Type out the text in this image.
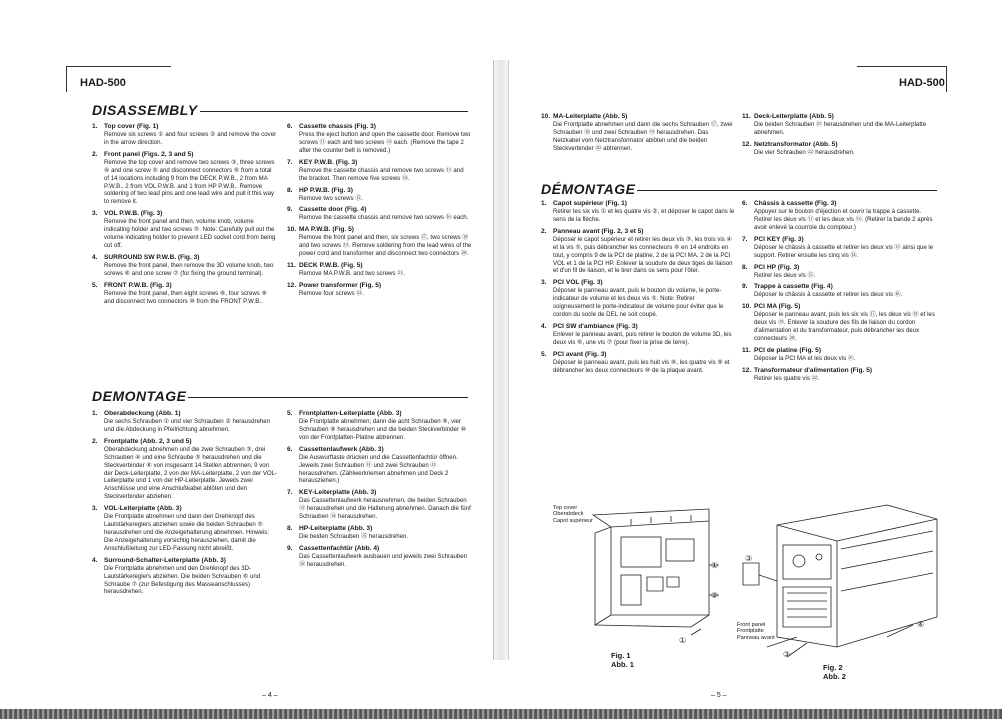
HAD-500
DISASSEMBLY
1. Top cover (Fig. 1)
Remove six screws ① and four screws ② and remove the cover in the arrow direction.
2. Front panel (Figs. 2, 3 and 5)
Remove the top cover and remove two screws ③, three screws ④ and one screw ⑤ and disconnect connectors ⑥ from a total of 14 locations including 9 from the DECK P.W.B., 2 from MA P.W.B., 2 from VOL P.W.B. and 1 from HP P.W.B.. Remove soldering of two lead pins and one lead wire and pull it this way to remove it.
3. VOL P.W.B. (Fig. 3)
Remove the front panel and then, volume knob, volume indicating holder and two screws ⑤. Note: Carefully pull out the volume indicating holder to prevent LED socket cord from being cut off.
4. SURROUND SW P.W.B. (Fig. 3)
Remove the front panel, then remove the 3D volume knob, two screws ⑥ and one screw ⑦ (for fixing the ground terminal).
5. FRONT P.W.B. (Fig. 3)
Remove the front panel, then eight screws ⑧, four screws ⑨ and disconnect two connectors ⑩ from the FRONT P.W.B..
6. Cassette chassis (Fig. 3)
Press the eject button and open the cassette door. Remove two screws ⑪ each and two screws ⑫ each. (Remove the tape 2 after the counter belt is removed.)
7. KEY P.W.B. (Fig. 3)
Remove the cassette chassis and remove two screws ⑬ and the bracket. Then remove five screws ⑭.
8. HP P.W.B. (Fig. 3)
Remove two screws ⑮.
9. Cassette door (Fig. 4)
Remove the cassette chassis and remove two screws ⑯ each.
10. MA P.W.B. (Fig. 5)
Remove the front panel and then, six screws ⑰, two screws ⑱ and two screws ⑲. Remove soldering from the lead wires of the power cord and transformer and disconnect two connectors ⑳.
11. DECK P.W.B. (Fig. 5)
Remove MA P.W.B. and two screws ㉑.
12. Power transformer (Fig. 5)
Remove four screws ㉒.
DEMONTAGE
1. Oberabdeckung (Abb. 1)
Die sechs Schrauben ① und vier Schrauben ② herausdrehen und die Abdeckung in Pfeilrichtung abnehmen.
2. Frontplatte (Abb. 2, 3 und 5)
Oberabdeckung abnehmen und die zwei Schrauben ③, drei Schrauben ④ und eine Schraube ⑤ herausdrehen und die Steckverbinder ⑥ von insgesamt 14 Stellen abtrennen; 9 von der Deck-Leiterplatte, 2 von der MA-Leiterplatte, 2 von der VOL-Leiterplatte und 1 von der HP-Leiterplatte. Jeweils zwei Anschlüsse und eine Anschlußkabel ablöten und den Steckverbinder abziehen.
3. VOL-Leiterplatte (Abb. 3)
Die Frontplatte abnehmen und dann den Drehknopf des Lautstärkereglers abziehen sowie die beiden Schrauben ⑤ herausdrehen und die Anzeigehalterung abnehmen. Hinweis: Die Anzeigehalterung vorsichtig herausziehen, damit die Anschlußleitung zur LED-Fassung nicht abreißt.
4. Surround-Schalter-Leiterplatte (Abb. 3)
Die Frontplatte abnehmen und den Drehknopf des 3D-Lautstärkereglers abziehen. Die beiden Schrauben ⑥ und Schraube ⑦ (zur Befestigung des Masseanschlusses) herausdrehen.
5. Frontplatten-Leiterplatte (Abb. 3)
Die Frontplatte abnehmen; dann die acht Schrauben ⑧, vier Schrauben ⑨ herausdrehen und die beiden Steckverbinder ⑩ von der Frontplatten-Platine abtrennen.
6. Cassettenlaufwerk (Abb. 3)
Die Auswurftaste drücken und die Cassettenfachtür öffnen. Jeweils zwei Schrauben ⑪ und zwei Schrauben ⑫ herausdrehen. (Zählwerkriemen abnehmen und Deck 2 herausziehen.)
7. KEY-Leiterplatte (Abb. 3)
Das Cassettenlaufwerk herausnehmen, die beiden Schrauben ⑬ herausdrehen und die Halterung abnehmen. Danach die fünf Schrauben ⑭ herausdrehen.
8. HP-Leiterplatte (Abb. 3)
Die beiden Schrauben ⑮ herausdrehen.
9. Cassettenfachtür (Abb. 4)
Das Cassettenlaufwerk ausbauen und jeweils zwei Schrauben ⑯ herausdrehen.
– 4 –
HAD-500
10. MA-Leiterplatte (Abb. 5)
Die Frontplatte abnehmen und dann die sechs Schrauben ⑰, zwei Schrauben ⑱ und zwei Schrauben ⑲ herausdrehen. Das Netzkabel vom Netztransformator ablöten und die beiden Steckverbinder ⑳ abtrennen.
11. Deck-Leiterplatte (Abb. 5)
Die beiden Schrauben ㉑ herausdrehen und die MA-Leiterplatte abnehmen.
12. Netztransformator (Abb. 5)
Die vier Schrauben ㉒ herausdrehen.
DÉMONTAGE
1. Capot supérieur (Fig. 1)
Retirer les six vis ① et les quatre vis ②, et déposer le capot dans le sens de la flèche.
2. Panneau avant (Fig. 2, 3 et 5)
Déposer le capot supérieur et retirer les deux vis ③, les trois vis ④ et la vis ⑤, puis débrancher les connecteurs ⑥ en 14 endroits en tout, y compris 9 de la PCI de platine, 2 de la PCI MA, 2 de la PCI VOL et 1 de la PCI HP. Enlever la soudure de deux tiges de liaison et d'un fil de liaison, et le tirer dans ce sens pour l'ôter.
3. PCI VOL (Fig. 3)
Déposer le panneau avant, puis le bouton du volume, le porte-indicateur de volume et les deux vis ⑤. Note: Retirer soigneusement le porte-indicateur de volume pour éviter que le cordon du socle de DEL ne soit coupé.
4. PCI SW d'ambiance (Fig. 3)
Enlever le panneau avant, puis retirer le bouton de volume 3D, les deux vis ⑥, une vis ⑦ (pour fixer la prise de terre).
5. PCI avant (Fig. 3)
Déposer le panneau avant, puis les huit vis ⑧, les quatre vis ⑨ et débrancher les deux connecteurs ⑩ de la plaque avant.
6. Châssis à cassette (Fig. 3)
Appuyer sur le bouton d'éjection et ouvrir la trappe à cassette. Retirer les deux vis ⑪ et les deux vis ⑫. (Retirer la bande 2 après avoir enlevé la courroie du compteur.)
7. PCI KEY (Fig. 3)
Déposer le châssis à cassette et retirer les deux vis ⑬ ainsi que le support. Retirer ensuite les cinq vis ⑭.
8. PCI HP (Fig. 3)
Retirer les deux vis ⑮.
9. Trappe à cassette (Fig. 4)
Déposer le châssis à cassette et retirer les deux vis ⑯.
10. PCI MA (Fig. 5)
Déposer le panneau avant, puis les six vis ⑰, les deux vis ⑱ et les deux vis ⑲. Enlever la soudure des fils de liaison du cordon d'alimentation et du transformateur, puis débrancher les deux connecteurs ⑳.
11. PCI de platine (Fig. 5)
Déposer la PCI MA et les deux vis ㉑.
12. Transformateur d'alimentation (Fig. 5)
Retirer les quatre vis ㉒.
Top cover
Oberabdeck
Capot supérieur
①
②
①
Fig. 1
Abb. 1
③
③
④
Front panel
Frontplatte
Panneau avant
Fig. 2
Abb. 2
– 5 –
